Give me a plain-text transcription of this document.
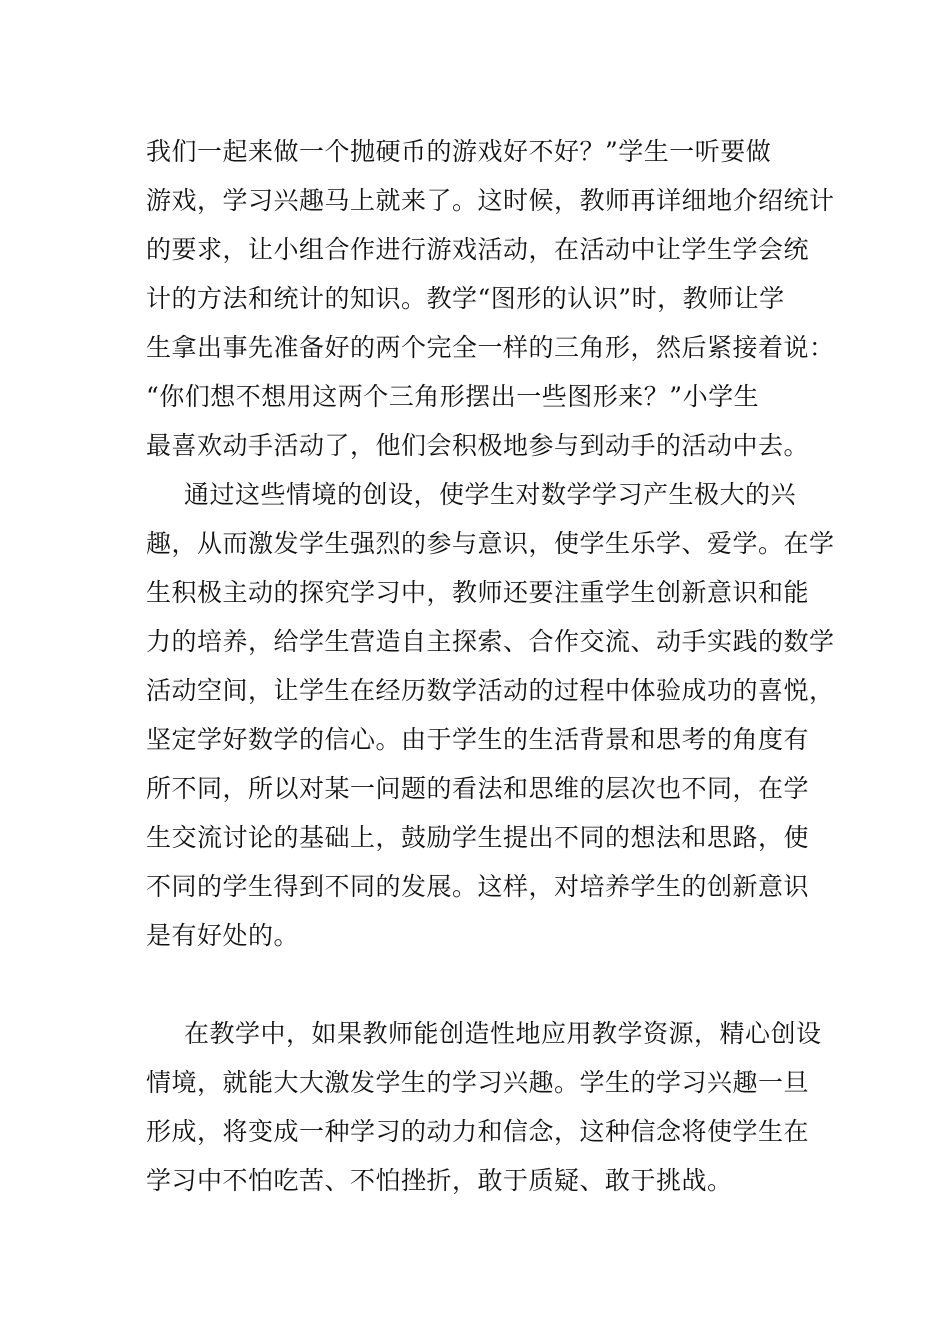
我们一起来做一个抛硬币的游戏好不好？”学生一听要做
游戏，学习兴趣马上就来了。这时候，教师再详细地介绍统计
的要求，让小组合作进行游戏活动，在活动中让学生学会统
计的方法和统计的知识。教学“图形的认识”时，教师让学
生拿出事先准备好的两个完全一样的三角形，然后紧接着说：
“你们想不想用这两个三角形摆出一些图形来？”小学生
最喜欢动手活动了，他们会积极地参与到动手的活动中去。
通过这些情境的创设，使学生对数学学习产生极大的兴
趣，从而激发学生强烈的参与意识，使学生乐学、爱学。在学
生积极主动的探究学习中，教师还要注重学生创新意识和能
力的培养，给学生营造自主探索、合作交流、动手实践的数学
活动空间，让学生在经历数学活动的过程中体验成功的喜悦，
坚定学好数学的信心。由于学生的生活背景和思考的角度有
所不同，所以对某一问题的看法和思维的层次也不同，在学
生交流讨论的基础上，鼓励学生提出不同的想法和思路，使
不同的学生得到不同的发展。这样，对培养学生的创新意识
是有好处的。
在教学中，如果教师能创造性地应用教学资源，精心创设
情境，就能大大激发学生的学习兴趣。学生的学习兴趣一旦
形成，将变成一种学习的动力和信念，这种信念将使学生在
学习中不怕吃苦、不怕挫折，敢于质疑、敢于挑战。
